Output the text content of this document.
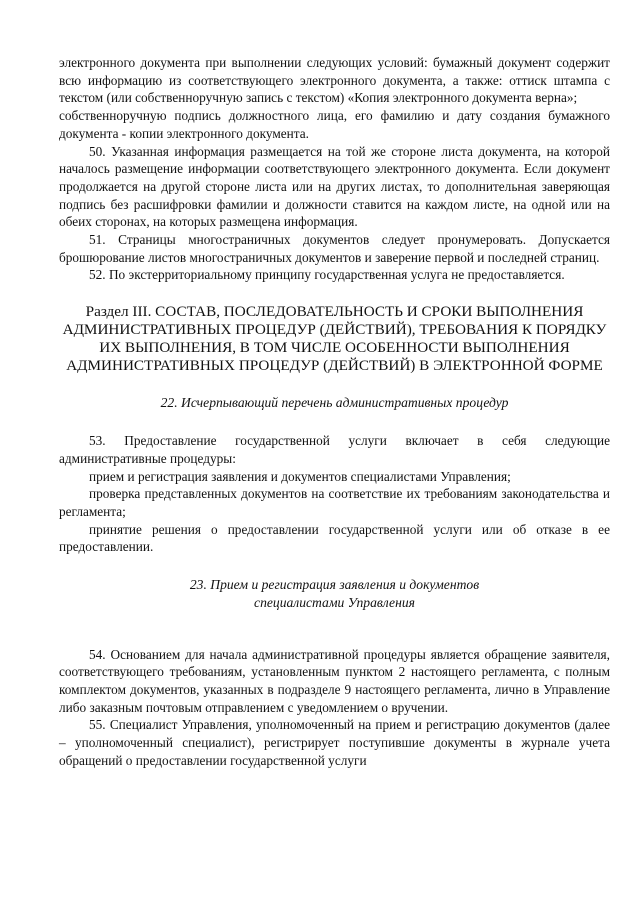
электронного документа при выполнении следующих условий: бумажный документ содержит всю информацию из соответствующего электронного документа, а также: оттиск штампа с текстом (или собственноручную запись с текстом) «Копия электронного документа верна»;

собственноручную подпись должностного лица, его фамилию и дату создания бумажного документа - копии электронного документа.

50. Указанная информация размещается на той же стороне листа документа, на которой началось размещение информации соответствующего электронного документа. Если документ продолжается на другой стороне листа или на других листах, то дополнительная заверяющая подпись без расшифровки фамилии и должности ставится на каждом листе, на одной или на обеих сторонах, на которых размещена информация.

51. Страницы многостраничных документов следует пронумеровать. Допускается брошюрование листов многостраничных документов и заверение первой и последней страниц.

52. По экстерриториальному принципу государственная услуга не предоставляется.

Раздел III. СОСТАВ, ПОСЛЕДОВАТЕЛЬНОСТЬ И СРОКИ ВЫПОЛНЕНИЯ АДМИНИСТРАТИВНЫХ ПРОЦЕДУР (ДЕЙСТВИЙ), ТРЕБОВАНИЯ К ПОРЯДКУ ИХ ВЫПОЛНЕНИЯ, В ТОМ ЧИСЛЕ ОСОБЕННОСТИ ВЫПОЛНЕНИЯ АДМИНИСТРАТИВНЫХ ПРОЦЕДУР (ДЕЙСТВИЙ) В ЭЛЕКТРОННОЙ ФОРМЕ

22. Исчерпывающий перечень административных процедур

53. Предоставление государственной услуги включает в себя следующие административные процедуры:

прием и регистрация заявления и документов специалистами Управления;

проверка представленных документов на соответствие их требованиям законодательства и регламента;

принятие решения о предоставлении государственной услуги или об отказе в ее предоставлении.

23. Прием и регистрация заявления и документов

специалистами Управления

54. Основанием для начала административной процедуры является обращение заявителя, соответствующего требованиям, установленным пунктом 2 настоящего регламента, с полным комплектом документов, указанных в подразделе 9 настоящего регламента, лично в Управление либо заказным почтовым отправлением с уведомлением о вручении.

55. Специалист Управления, уполномоченный на прием и регистрацию документов (далее – уполномоченный специалист), регистрирует поступившие документы в журнале учета обращений о предоставлении государственной услуги
